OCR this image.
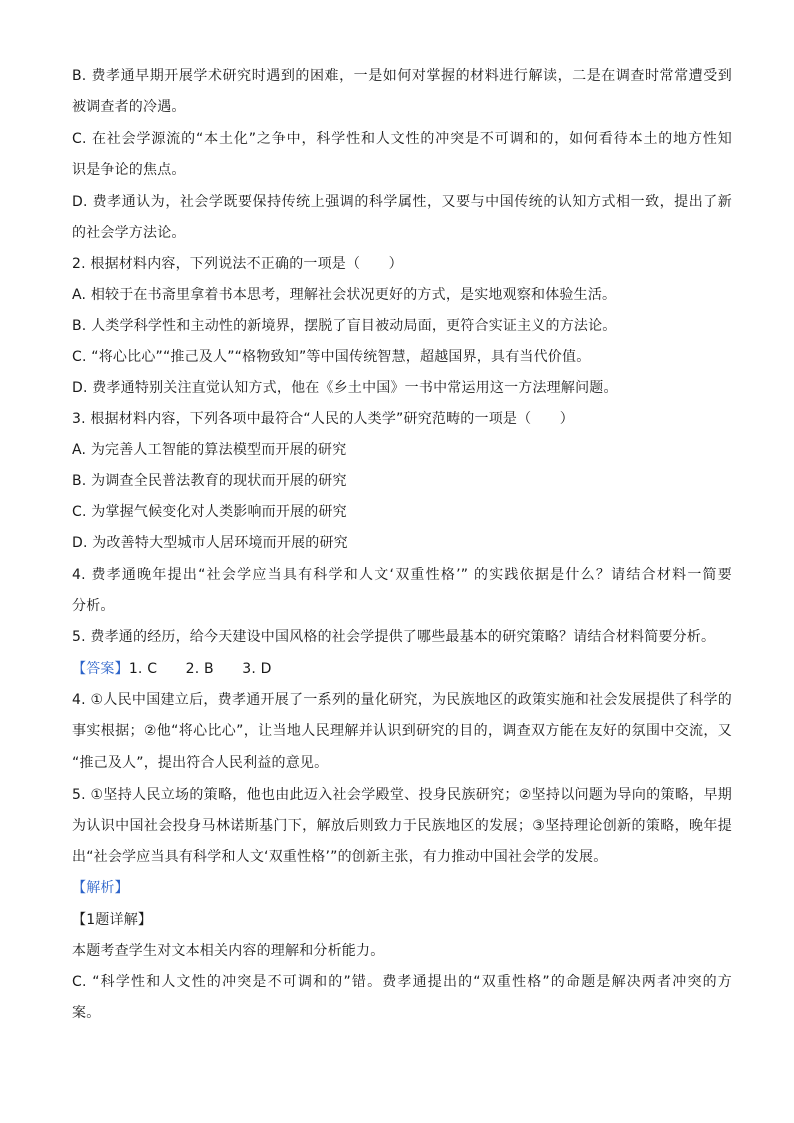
B. 费孝通早期开展学术研究时遇到的困难，一是如何对掌握的材料进行解读，二是在调查时常常遭受到
被调查者的冷遇。
C. 在社会学源流的“本土化”之争中，科学性和人文性的冲突是不可调和的，如何看待本土的地方性知
识是争论的焦点。
D. 费孝通认为，社会学既要保持传统上强调的科学属性，又要与中国传统的认知方式相一致，提出了新
的社会学方法论。
2. 根据材料内容，下列说法不正确的一项是（　　）
A. 相较于在书斋里拿着书本思考，理解社会状况更好的方式，是实地观察和体验生活。
B. 人类学科学性和主动性的新境界，摆脱了盲目被动局面，更符合实证主义的方法论。
C. “将心比心”“推己及人”“格物致知”等中国传统智慧，超越国界，具有当代价值。
D. 费孝通特别关注直觉认知方式，他在《乡土中国》一书中常运用这一方法理解问题。
3. 根据材料内容，下列各项中最符合“人民的人类学”研究范畴的一项是（　　）
A. 为完善人工智能的算法模型而开展的研究
B. 为调查全民普法教育的现状而开展的研究
C. 为掌握气候变化对人类影响而开展的研究
D. 为改善特大型城市人居环境而开展的研究
4. 费孝通晚年提出“社会学应当具有科学和人文‘双重性格’” 的实践依据是什么？请结合材料一简要
分析。
5. 费孝通的经历，给今天建设中国风格的社会学提供了哪些最基本的研究策略？请结合材料简要分析。
【答案】1. C　　2. B　　3. D
4. ①人民中国建立后，费孝通开展了一系列的量化研究，为民族地区的政策实施和社会发展提供了科学的
事实根据；②他“将心比心”，让当地人民理解并认识到研究的目的，调查双方能在友好的氛围中交流，又
“推己及人”，提出符合人民利益的意见。
5. ①坚持人民立场的策略，他也由此迈入社会学殿堂、投身民族研究；②坚持以问题为导向的策略，早期
为认识中国社会投身马林诺斯基门下，解放后则致力于民族地区的发展；③坚持理论创新的策略，晚年提
出“社会学应当具有科学和人文‘双重性格’”的创新主张，有力推动中国社会学的发展。
【解析】
【1题详解】
本题考查学生对文本相关内容的理解和分析能力。
C. “科学性和人文性的冲突是不可调和的”错。费孝通提出的“双重性格”的命题是解决两者冲突的方
案。
